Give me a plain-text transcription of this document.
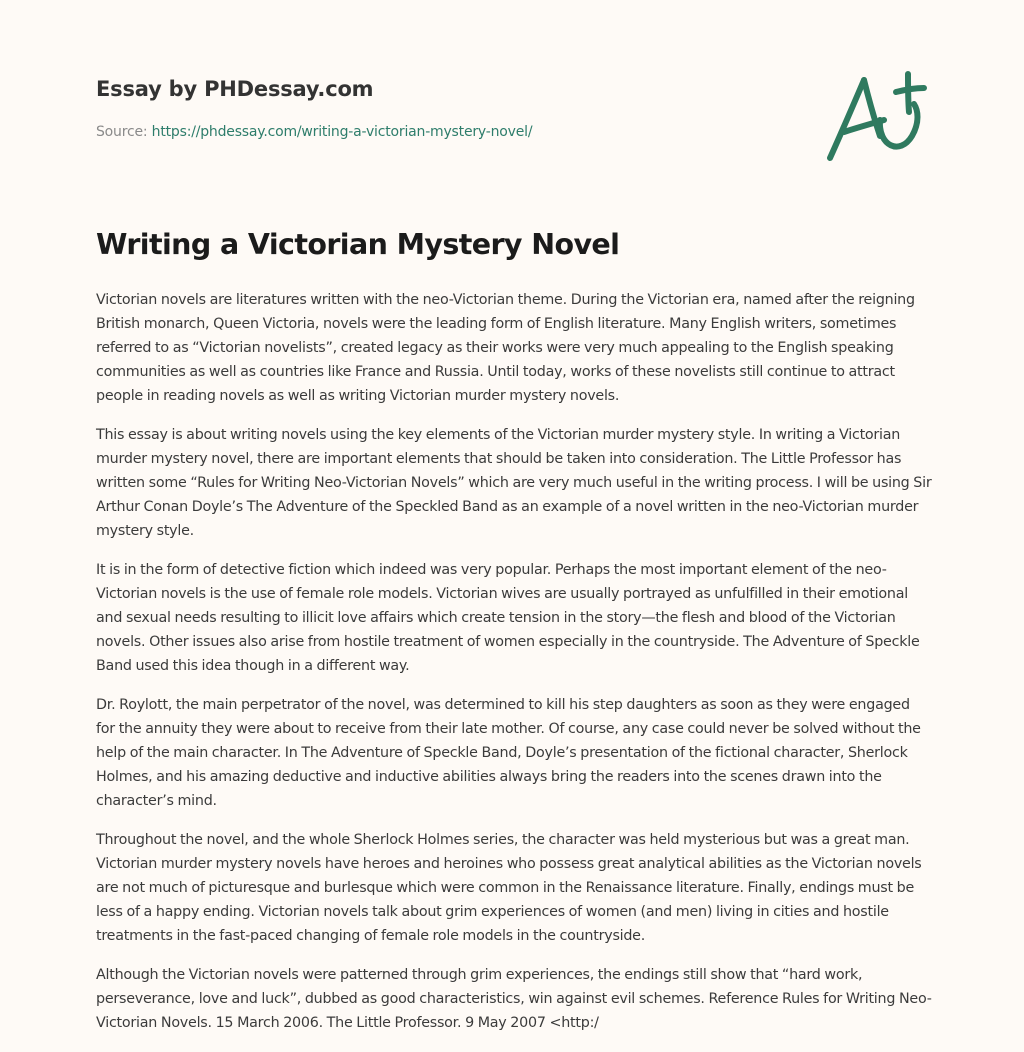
Essay by PHDessay.com
Source: https://phdessay.com/writing-a-victorian-mystery-novel/
Writing a Victorian Mystery Novel

Victorian novels are literatures written with the neo-Victorian theme. During the Victorian era, named after the reigning British monarch, Queen Victoria, novels were the leading form of English literature. Many English writers, sometimes referred to as “Victorian novelists”, created legacy as their works were very much appealing to the English speaking communities as well as countries like France and Russia. Until today, works of these novelists still continue to attract people in reading novels as well as writing Victorian murder mystery novels.

This essay is about writing novels using the key elements of the Victorian murder mystery style. In writing a Victorian murder mystery novel, there are important elements that should be taken into consideration. The Little Professor has written some “Rules for Writing Neo-Victorian Novels” which are very much useful in the writing process. I will be using Sir Arthur Conan Doyle’s The Adventure of the Speckled Band as an example of a novel written in the neo-Victorian murder mystery style.

It is in the form of detective fiction which indeed was very popular. Perhaps the most important element of the neo-Victorian novels is the use of female role models. Victorian wives are usually portrayed as unfulfilled in their emotional and sexual needs resulting to illicit love affairs which create tension in the story—the flesh and blood of the Victorian novels. Other issues also arise from hostile treatment of women especially in the countryside. The Adventure of Speckle Band used this idea though in a different way.

Dr. Roylott, the main perpetrator of the novel, was determined to kill his step daughters as soon as they were engaged for the annuity they were about to receive from their late mother. Of course, any case could never be solved without the help of the main character. In The Adventure of Speckle Band, Doyle’s presentation of the fictional character, Sherlock Holmes, and his amazing deductive and inductive abilities always bring the readers into the scenes drawn into the character’s mind.

Throughout the novel, and the whole Sherlock Holmes series, the character was held mysterious but was a great man. Victorian murder mystery novels have heroes and heroines who possess great analytical abilities as the Victorian novels are not much of picturesque and burlesque which were common in the Renaissance literature. Finally, endings must be less of a happy ending. Victorian novels talk about grim experiences of women (and men) living in cities and hostile treatments in the fast-paced changing of female role models in the countryside.

Although the Victorian novels were patterned through grim experiences, the endings still show that “hard work, perseverance, love and luck”, dubbed as good characteristics, win against evil schemes. Reference Rules for Writing Neo-Victorian Novels. 15 March 2006. The Little Professor. 9 May 2007 <http:/
